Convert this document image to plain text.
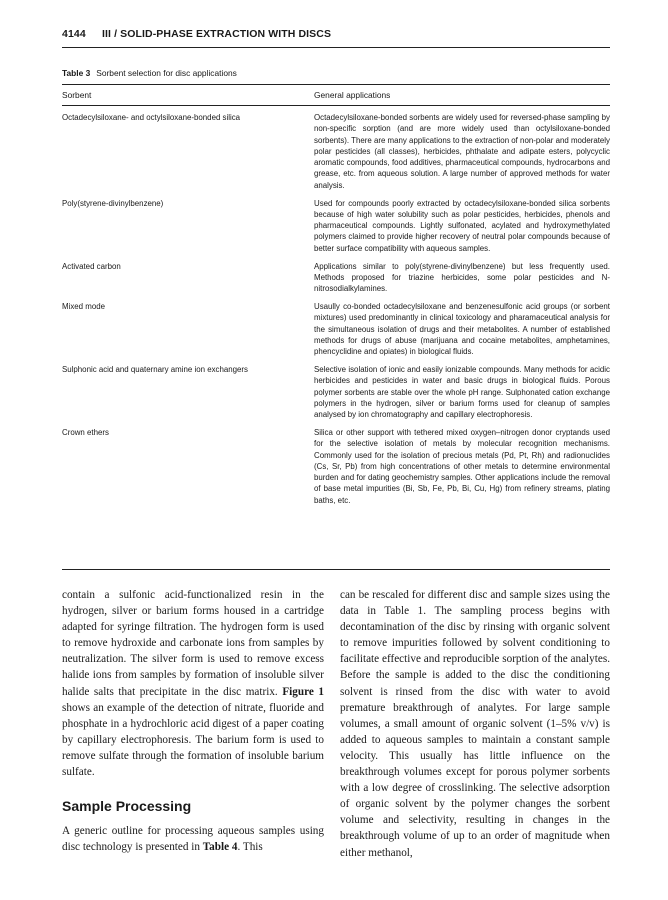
4144 III / SOLID-PHASE EXTRACTION WITH DISCS
Table 3 Sorbent selection for disc applications
Sorbent	General applications
Octadecylsiloxane- and octylsiloxane-bonded silica	Octadecylsiloxane-bonded sorbents are widely used for reversed-phase sampling by non-specific sorption (and are more widely used than octylsiloxane-bonded sorbents). There are many applications to the extraction of non-polar and moderately polar pesticides (all classes), herbicides, phthalate and adipate esters, polycyclic aromatic compounds, food additives, pharmaceutical compounds, hydrocarbons and grease, etc. from aqueous solution. A large number of approved methods for water analysis.
Poly(styrene-divinylbenzene)	Used for compounds poorly extracted by octadecylsiloxane-bonded silica sorbents because of high water solubility such as polar pesticides, herbicides, phenols and pharmaceutical compounds. Lightly sulfonated, acylated and hydroxymethylated polymers claimed to provide higher recovery of neutral polar compounds because of better surface compatibility with aqueous samples.
Activated carbon	Applications similar to poly(styrene-divinylbenzene) but less frequently used. Methods proposed for triazine herbicides, some polar pesticides and N-nitrosodialkylamines.
Mixed mode	Usaully co-bonded octadecylsiloxane and benzenesulfonic acid groups (or sorbent mixtures) used predominantly in clinical toxicology and pharamaceutical analysis for the simultaneous isolation of drugs and their metabolites. A number of established methods for drugs of abuse (marijuana and cocaine metabolites, amphetamines, phencyclidine and opiates) in biological fluids.
Sulphonic acid and quaternary amine ion exchangers	Selective isolation of ionic and easily ionizable compounds. Many methods for acidic herbicides and pesticides in water and basic drugs in biological fluids. Porous polymer sorbents are stable over the whole pH range. Sulphonated cation exchange polymers in the hydrogen, silver or barium forms used for cleanup of samples analysed by ion chromatography and capillary electrophoresis.
Crown ethers	Silica or other support with tethered mixed oxygen–nitrogen donor cryptands used for the selective isolation of metals by molecular recognition mechanisms. Commonly used for the isolation of precious metals (Pd, Pt, Rh) and radionuclides (Cs, Sr, Pb) from high concentrations of other metals to determine environmental burden and for dating geochemistry samples. Other applications include the removal of base metal impurities (Bi, Sb, Fe, Pb, Bi, Cu, Hg) from refinery streams, plating baths, etc.

contain a sulfonic acid-functionalized resin in the hydrogen, silver or barium forms housed in a cartridge adapted for syringe filtration. The hydrogen form is used to remove hydroxide and carbonate ions from samples by neutralization. The silver form is used to remove excess halide ions from samples by formation of insoluble silver halide salts that precipitate in the disc matrix. Figure 1 shows an example of the detection of nitrate, fluoride and phosphate in a hydrochloric acid digest of a paper coating by capillary electrophoresis. The barium form is used to remove sulfate through the formation of insoluble barium sulfate.

Sample Processing

A generic outline for processing aqueous samples using disc technology is presented in Table 4. This

can be rescaled for different disc and sample sizes using the data in Table 1. The sampling process begins with decontamination of the disc by rinsing with organic solvent to remove impurities followed by solvent conditioning to facilitate effective and reproducible sorption of the analytes. Before the sample is added to the disc the conditioning solvent is rinsed from the disc with water to avoid premature breakthrough of analytes. For large sample volumes, a small amount of organic solvent (1–5% v/v) is added to aqueous samples to maintain a constant sample velocity. This usually has little influence on the breakthrough volumes except for porous polymer sorbents with a low degree of crosslinking. The selective adsorption of organic solvent by the polymer changes the sorbent volume and selectivity, resulting in changes in the breakthrough volume of up to an order of magnitude when either methanol,
